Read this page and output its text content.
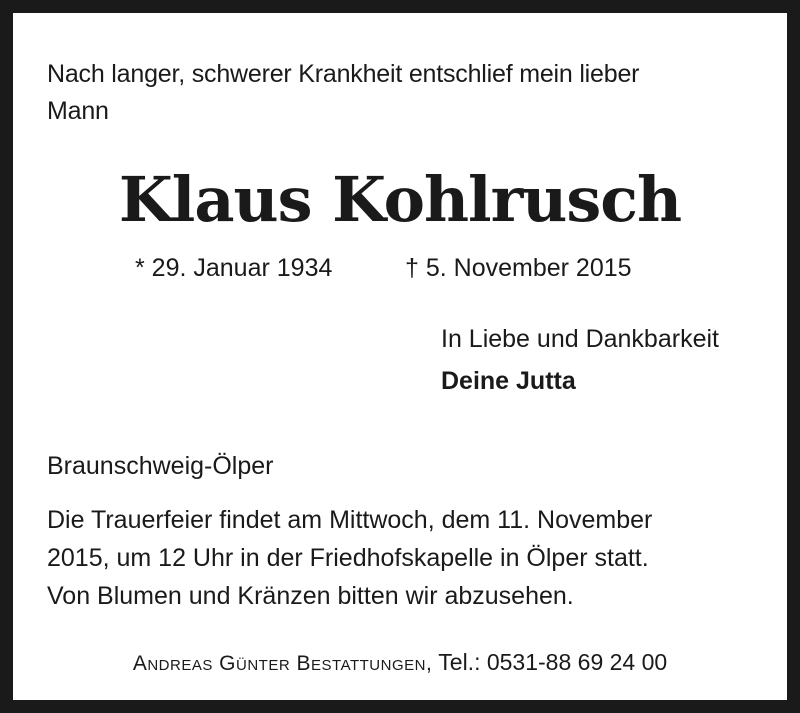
Nach langer, schwerer Krankheit entschlief mein lieber
Mann
Klaus Kohlrusch
* 29. Januar 1934	† 5. November 2015
In Liebe und Dankbarkeit
Deine Jutta
Braunschweig-Ölper
Die Trauerfeier findet am Mittwoch, dem 11. November
2015, um 12 Uhr in der Friedhofskapelle in Ölper statt.
Von Blumen und Kränzen bitten wir abzusehen.
Andreas Günter Bestattungen, Tel.: 0531-88 69 24 00
